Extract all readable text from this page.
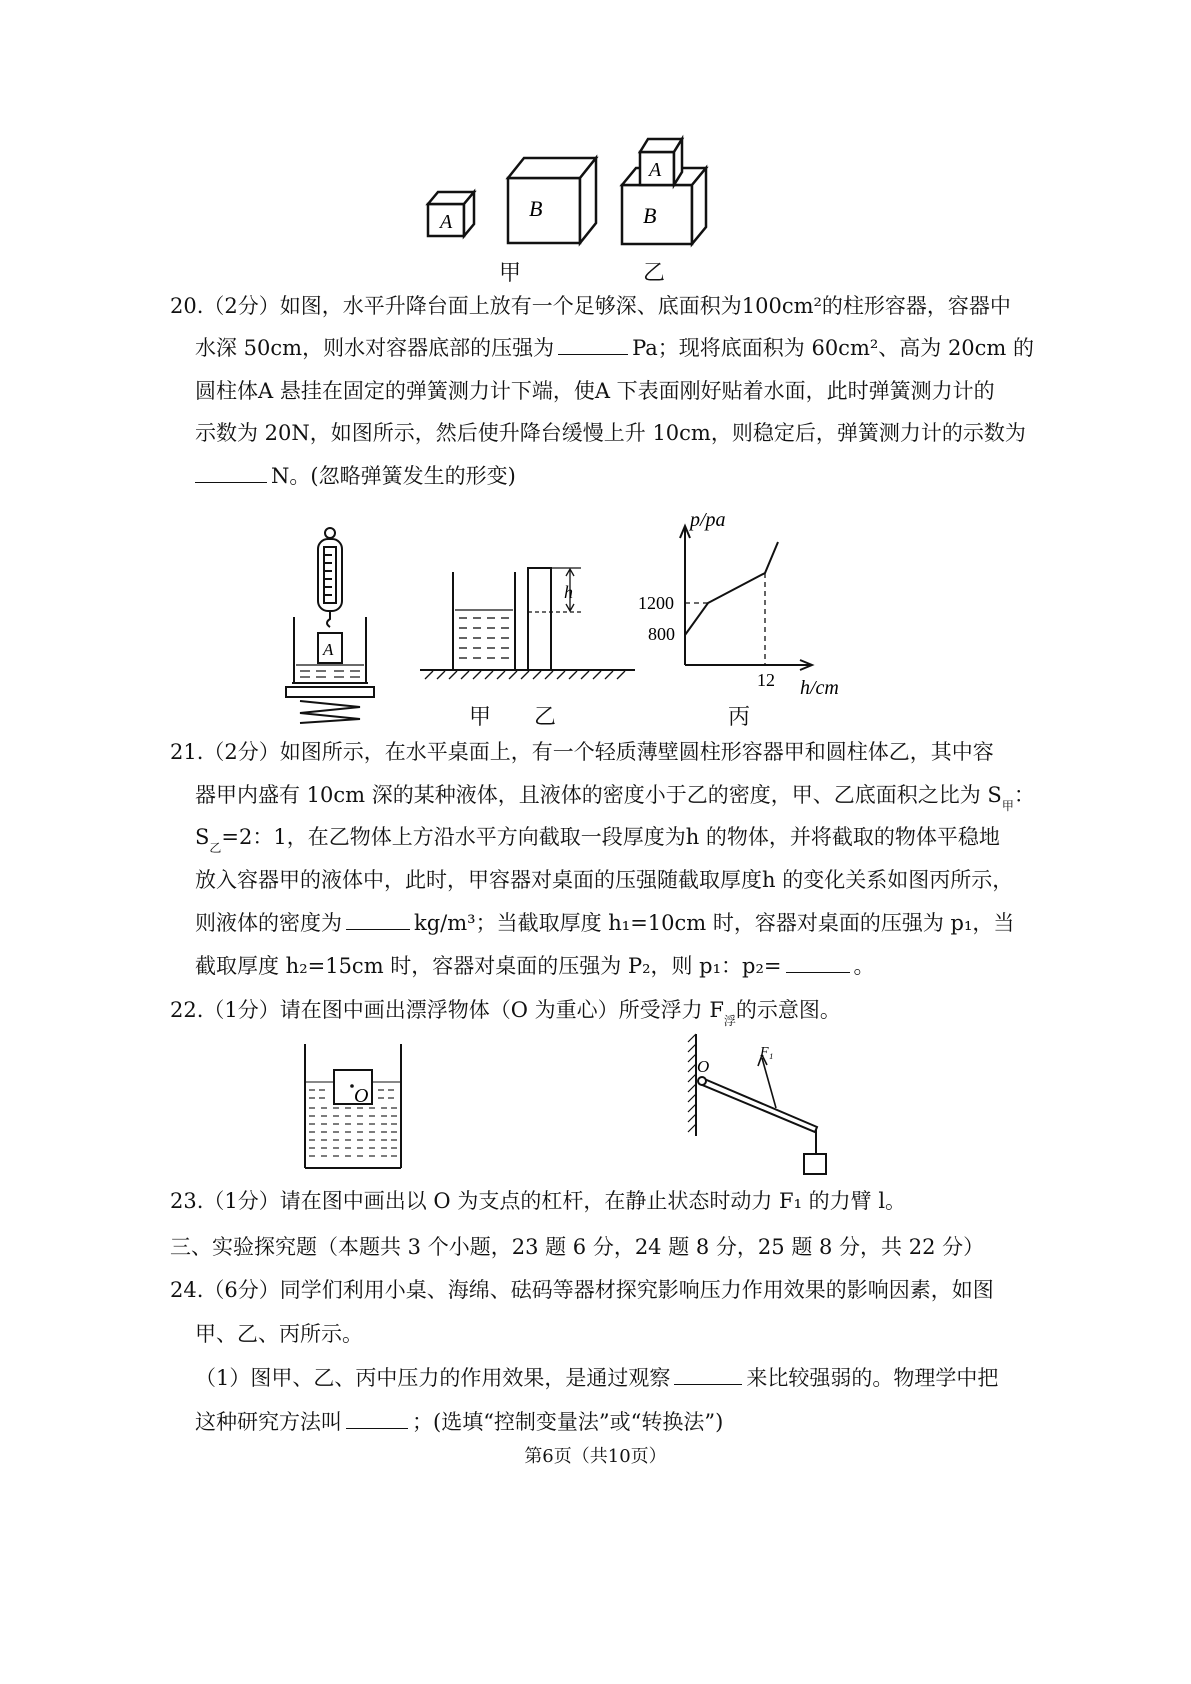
A
B	B
A
甲	乙
20.（2分）如图，水平升降台面上放有一个足够深、底面积为100cm²的柱形容器，容器中
水深 50cm，则水对容器底部的压强为	Pa；现将底面积为 60cm²、高为 20cm 的
圆柱体A 悬挂在固定的弹簧测力计下端，使A 下表面刚好贴着水面，此时弹簧测力计的
示数为 20N，如图所示，然后使升降台缓慢上升 10cm，则稳定后，弹簧测力计的示数为
N。(忽略弹簧发生的形变)
A
h
甲 乙
p/pa
1200
800
12 h/cm
丙
21.（2分）如图所示，在水平桌面上，有一个轻质薄壁圆柱形容器甲和圆柱体乙，其中容
器甲内盛有 10cm 深的某种液体，且液体的密度小于乙的密度，甲、乙底面积之比为 $S_甲$：
$S_乙=2$：1，在乙物体上方沿水平方向截取一段厚度为h 的物体，并将截取的物体平稳地
放入容器甲的液体中，此时，甲容器对桌面的压强随截取厚度h 的变化关系如图丙所示，
则液体的密度为	kg/m³；当截取厚度 h₁=10cm 时，容器对桌面的压强为 p₁，当
截取厚度 h₂=15cm 时，容器对桌面的压强为 P₂，则 p₁：p₂=	。
22.（1分）请在图中画出漂浮物体（O 为重心）所受浮力 $F_浮$的示意图。
O
O
F₁
23.（1分）请在图中画出以 O 为支点的杠杆，在静止状态时动力 F₁ 的力臂 l。
三、实验探究题（本题共 3 个小题，23 题 6 分，24 题 8 分，25 题 8 分，共 22 分）
24.（6分）同学们利用小桌、海绵、砝码等器材探究影响压力作用效果的影响因素，如图
甲、乙、丙所示。
（1）图甲、乙、丙中压力的作用效果，是通过观察	来比较强弱的。物理学中把
这种研究方法叫	；(选填“控制变量法”或“转换法”)
第6页（共10页）
